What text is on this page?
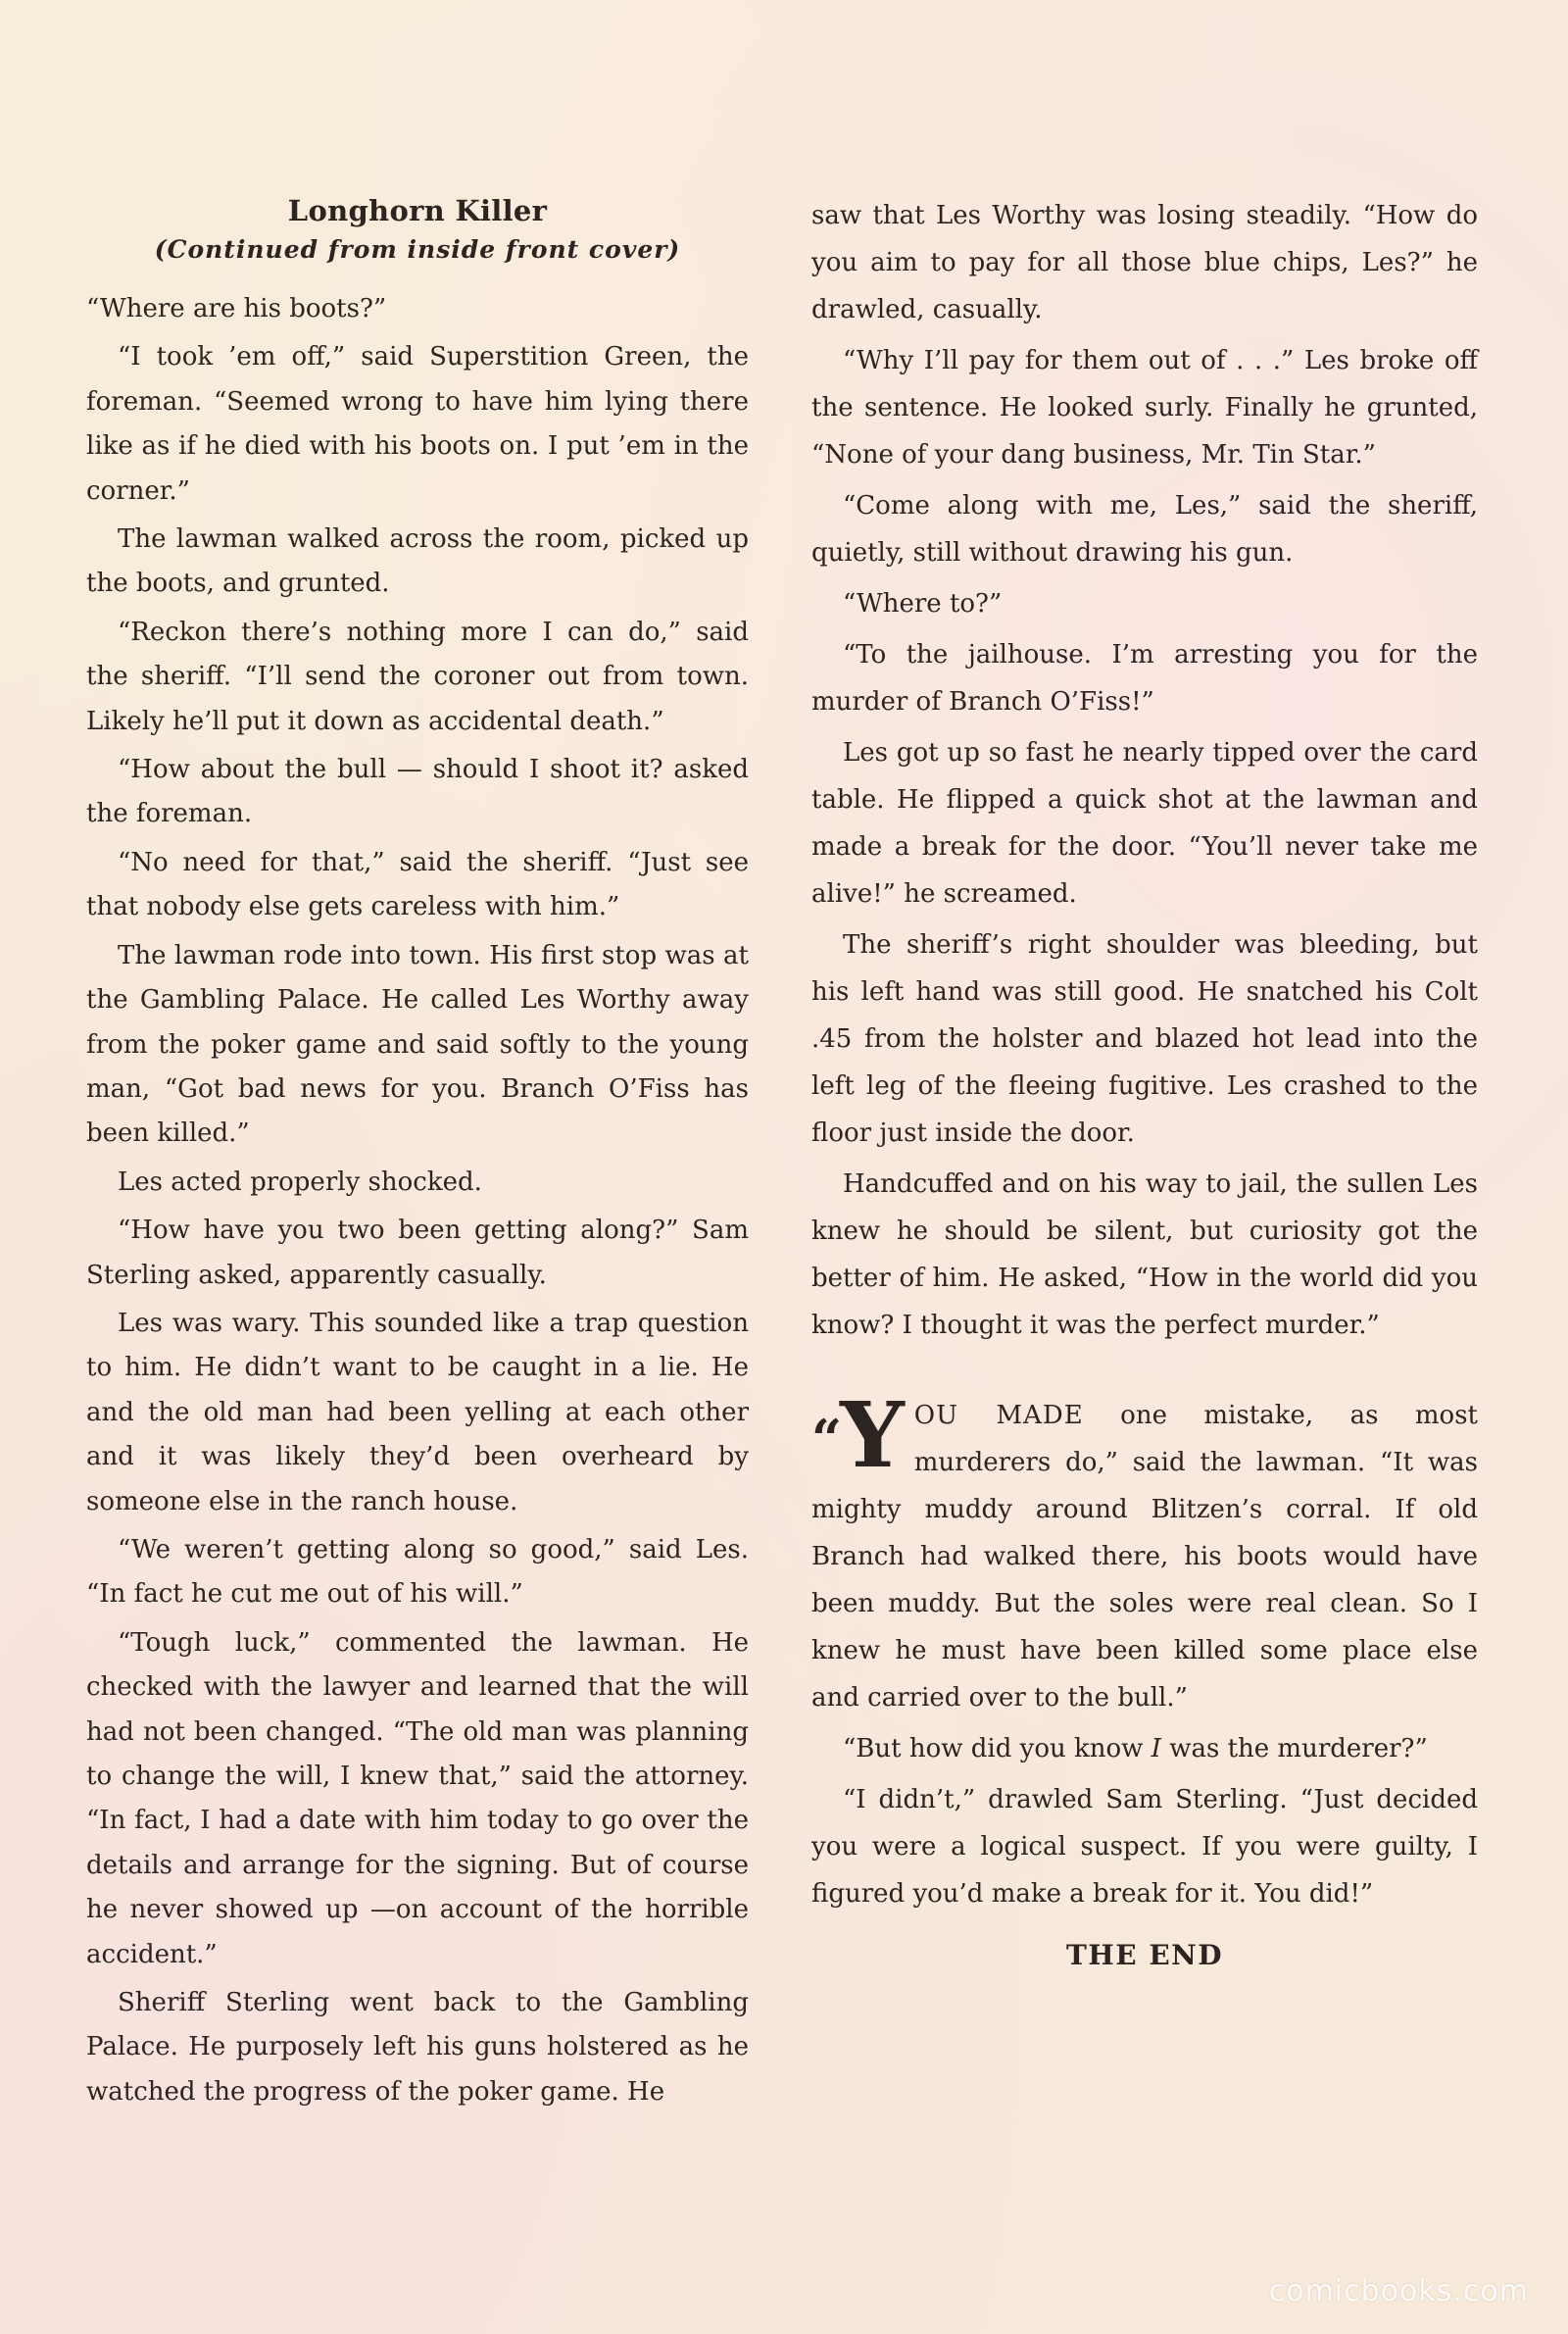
Longhorn Killer
(Continued from inside front cover)

“Where are his boots?”

“I took ’em off,” said Superstition Green, the foreman. “Seemed wrong to have him lying there like as if he died with his boots on. I put ’em in the corner.”

The lawman walked across the room, picked up the boots, and grunted.

“Reckon there’s nothing more I can do,” said the sheriff. “I’ll send the coroner out from town. Likely he’ll put it down as accidental death.”

“How about the bull — should I shoot it? asked the foreman.

“No need for that,” said the sheriff. “Just see that nobody else gets careless with him.”

The lawman rode into town. His first stop was at the Gambling Palace. He called Les Worthy away from the poker game and said softly to the young man, “Got bad news for you. Branch O’Fiss has been killed.”

Les acted properly shocked.

“How have you two been getting along?” Sam Sterling asked, apparently casually.

Les was wary. This sounded like a trap question to him. He didn’t want to be caught in a lie. He and the old man had been yelling at each other and it was likely they’d been overheard by someone else in the ranch house.

“We weren’t getting along so good,” said Les. “In fact he cut me out of his will.”

“Tough luck,” commented the lawman. He checked with the lawyer and learned that the will had not been changed. “The old man was planning to change the will, I knew that,” said the attorney. “In fact, I had a date with him today to go over the details and arrange for the signing. But of course he never showed up —on account of the horrible accident.”

Sheriff Sterling went back to the Gambling Palace. He purposely left his guns holstered as he watched the progress of the poker game. He

saw that Les Worthy was losing steadily. “How do you aim to pay for all those blue chips, Les?” he drawled, casually.

“Why I’ll pay for them out of . . .” Les broke off the sentence. He looked surly. Finally he grunted, “None of your dang business, Mr. Tin Star.”

“Come along with me, Les,” said the sheriff, quietly, still without drawing his gun.

“Where to?”

“To the jailhouse. I’m arresting you for the murder of Branch O’Fiss!”

Les got up so fast he nearly tipped over the card table. He flipped a quick shot at the lawman and made a break for the door. “You’ll never take me alive!” he screamed.

The sheriff’s right shoulder was bleeding, but his left hand was still good. He snatched his Colt .45 from the holster and blazed hot lead into the left leg of the fleeing fugitive. Les crashed to the floor just inside the door.

Handcuffed and on his way to jail, the sullen Les knew he should be silent, but curiosity got the better of him. He asked, “How in the world did you know? I thought it was the perfect murder.”

“Y OU MADE one mistake, as most murderers do,” said the lawman. “It was mighty muddy around Blitzen’s corral. If old Branch had walked there, his boots would have been muddy. But the soles were real clean. So I knew he must have been killed some place else and carried over to the bull.”

“But how did you know I was the murderer?”

“I didn’t,” drawled Sam Sterling. “Just decided you were a logical suspect. If you were guilty, I figured you’d make a break for it. You did!”

THE END
comicbooks.com
